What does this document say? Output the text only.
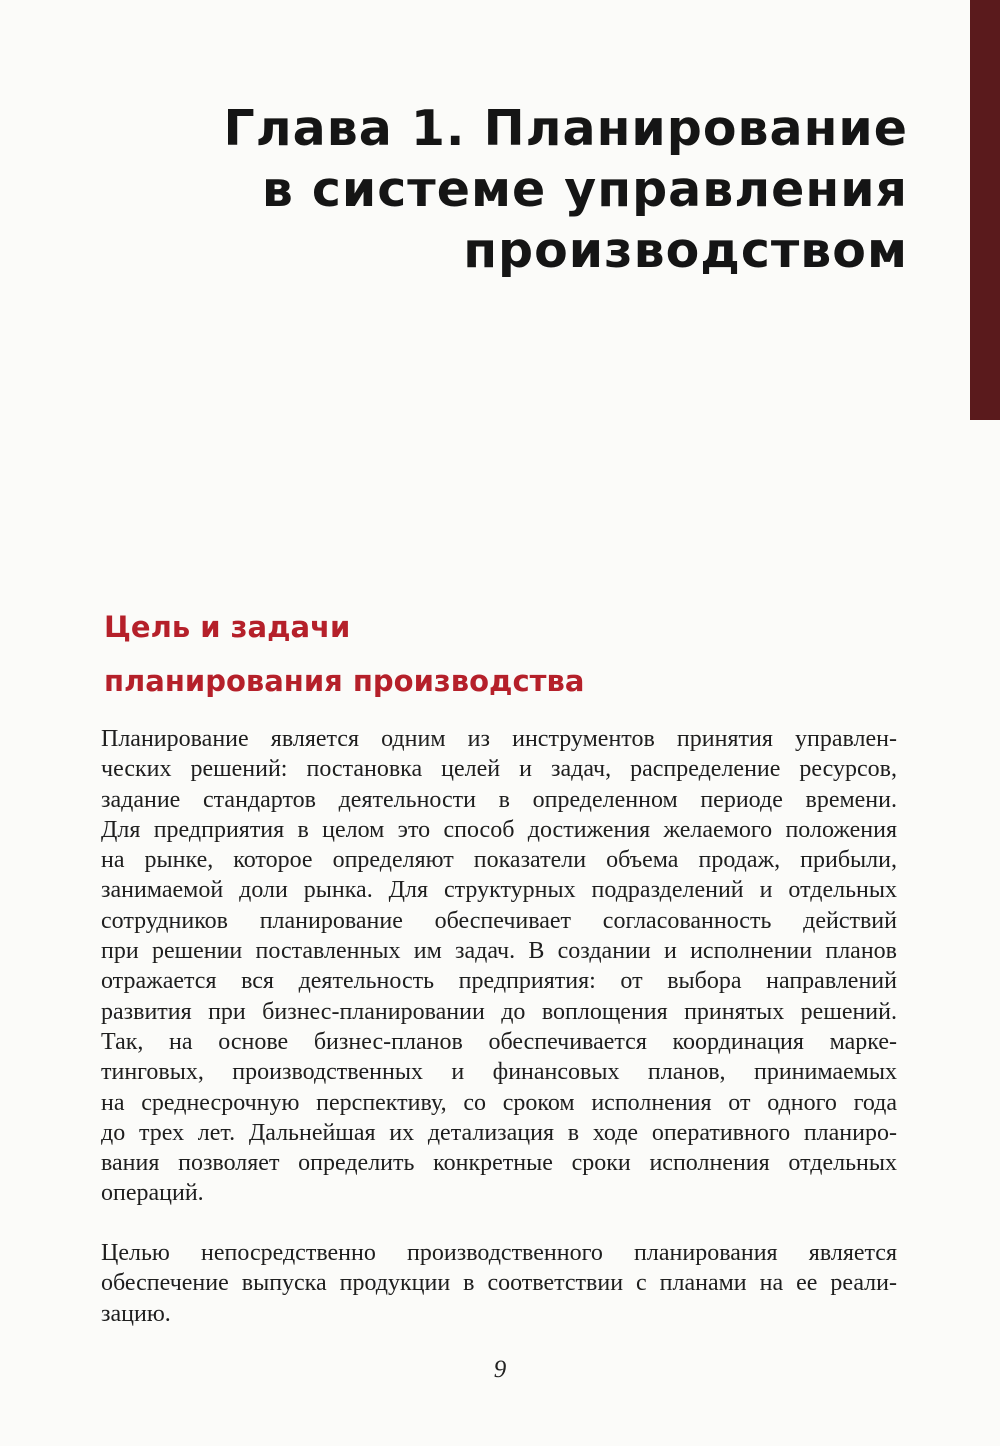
Глава 1. Планирование
в системе управления
производством
Цель и задачи
планирования производства
Планирование является одним из инструментов принятия управлен-
ческих решений: постановка целей и задач, распределение ресурсов,
задание стандартов деятельности в определенном периоде времени.
Для предприятия в целом это способ достижения желаемого положения
на рынке, которое определяют показатели объема продаж, прибыли,
занимаемой доли рынка. Для структурных подразделений и отдельных
сотрудников планирование обеспечивает согласованность действий
при решении поставленных им задач. В создании и исполнении планов
отражается вся деятельность предприятия: от выбора направлений
развития при бизнес-планировании до воплощения принятых решений.
Так, на основе бизнес-планов обеспечивается координация марке-
тинговых, производственных и финансовых планов, принимаемых
на среднесрочную перспективу, со сроком исполнения от одного года
до трех лет. Дальнейшая их детализация в ходе оперативного планиро-
вания позволяет определить конкретные сроки исполнения отдельных
операций.
Целью непосредственно производственного планирования является
обеспечение выпуска продукции в соответствии с планами на ее реали-
зацию.
9
